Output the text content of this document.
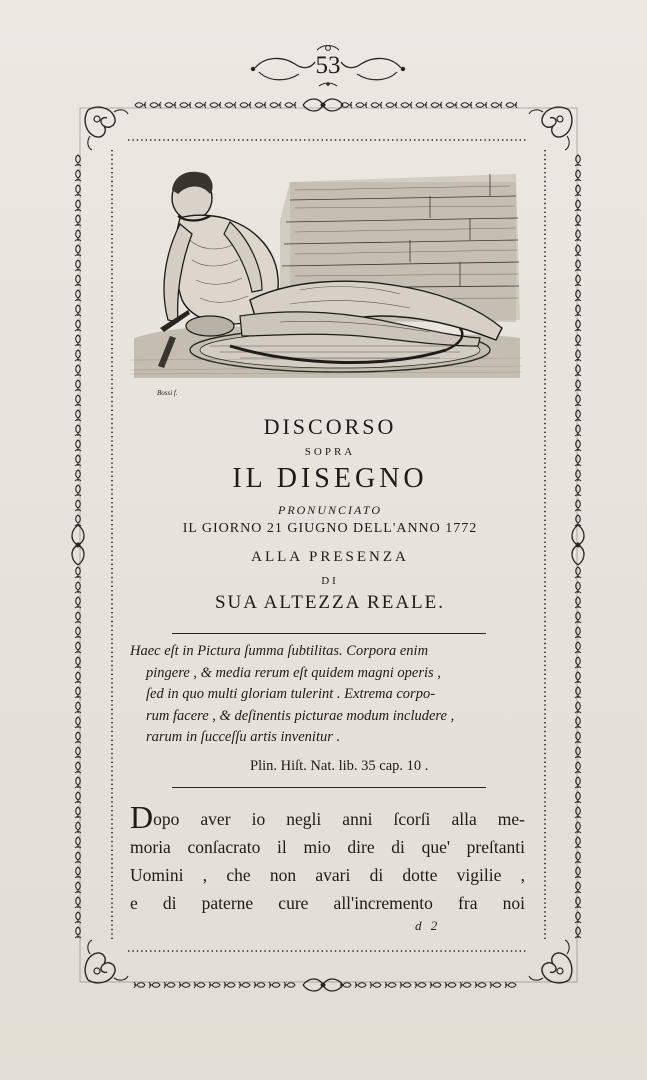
53
Bossi f.
DISCORSO
SOPRA
IL DISEGNO
PRONUNCIATO
IL GIORNO 21 GIUGNO DELL'ANNO 1772
ALLA PRESENZA
DI
SUA ALTEZZA REALE.
Haec eſt in Pictura ſumma ſubtilitas. Corpora enim
pingere , & media rerum eſt quidem magni operis ,
ſed in quo multi gloriam tulerint . Extrema corpo-
rum facere , & deſinentis picturae modum includere ,
rarum in ſucceſſu artis invenitur .
Plin. Hiſt. Nat. lib. 35 cap. 10 .
Dopo aver io negli anni ſcorſi alla me-
moria conſacrato il mio dire di que' preſtanti
Uomini , che non avari di dotte vigilie ,
e di paterne cure all'incremento fra noi
d 2
